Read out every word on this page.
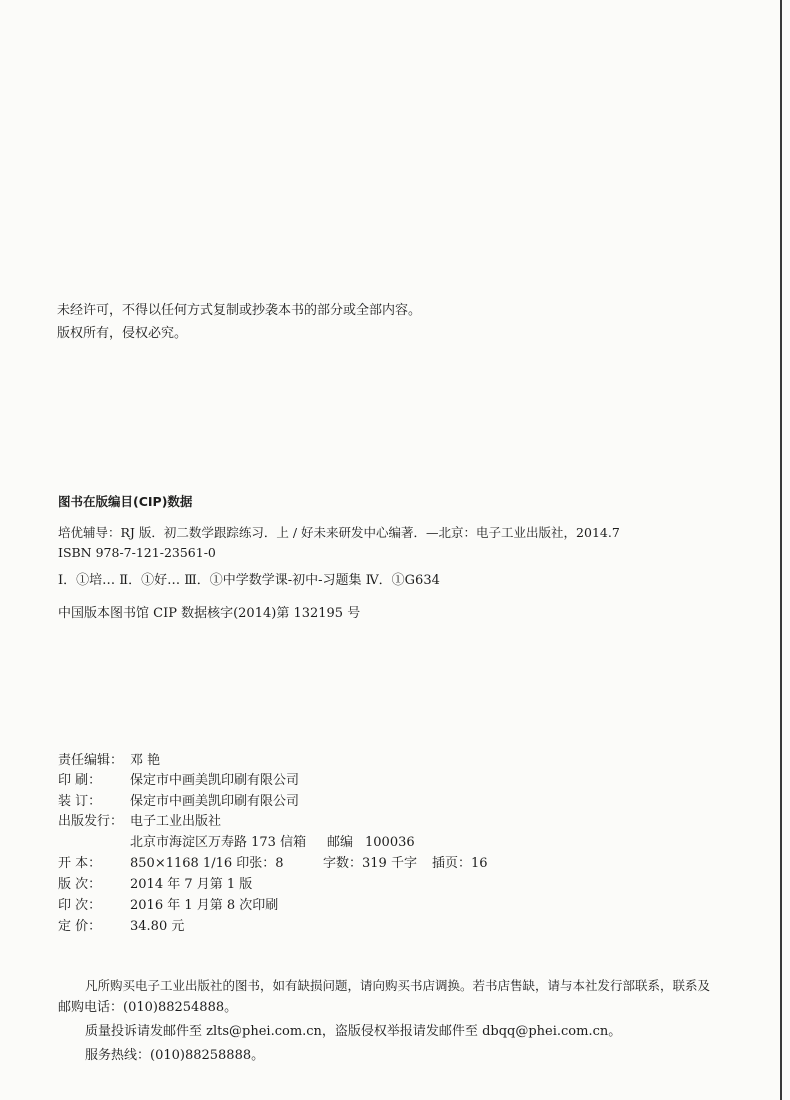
未经许可，不得以任何方式复制或抄袭本书的部分或全部内容。
版权所有，侵权必究。
图书在版编目(CIP)数据
培优辅导：RJ 版．初二数学跟踪练习．上 / 好未来研发中心编著．—北京：电子工业出版社，2014.7
ISBN 978-7-121-23561-0
Ⅰ．①培… Ⅱ．①好… Ⅲ．①中学数学课-初中-习题集 Ⅳ．①G634
中国版本图书馆 CIP 数据核字(2014)第 132195 号
责任编辑： 邓 艳
印 刷： 保定市中画美凯印刷有限公司
装 订： 保定市中画美凯印刷有限公司
出版发行： 电子工业出版社
北京市海淀区万寿路 173 信箱 邮编 100036
开 本： 850×1168 1/16 印张：8	字数：319 千字 插页：16
版 次： 2014 年 7 月第 1 版
印 次： 2016 年 1 月第 8 次印刷
定 价： 34.80 元
凡所购买电子工业出版社的图书，如有缺损问题，请向购买书店调换。若书店售缺，请与本社发行部联系，联系及
邮购电话：(010)88254888。
质量投诉请发邮件至 zlts@phei.com.cn，盗版侵权举报请发邮件至 dbqq@phei.com.cn。
服务热线：(010)88258888。
